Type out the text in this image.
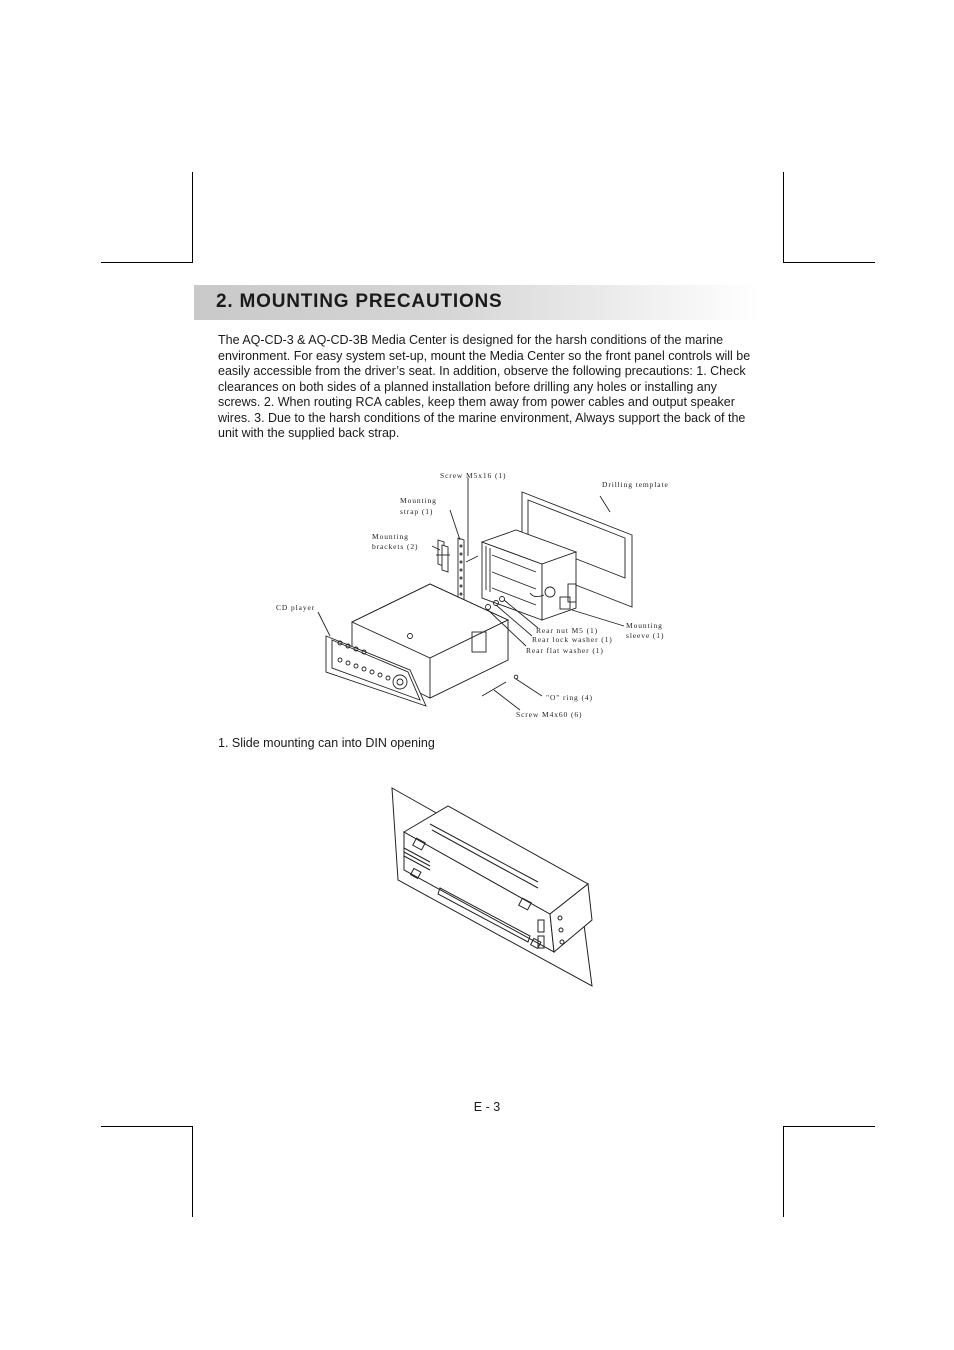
2. MOUNTING PRECAUTIONS

The AQ-CD-3 & AQ-CD-3B Media Center is designed for the harsh conditions of the marine environment. For easy system set-up, mount the Media Center so the front panel controls will be easily accessible from the driver’s seat. In addition, observe the following precautions: 1. Check clearances on both sides of a planned installation before drilling any holes or installing any screws. 2. When routing RCA cables, keep them away from power cables and output speaker wires. 3. Due to the harsh conditions of the marine environment, Always support the back of the unit with the supplied back strap.

Screw M5x16 (1)
Drilling template
Mounting
strap (1)
Mounting
brackets (2)
CD player
Rear nut M5 (1)
Rear lock washer (1)
Rear flat washer (1)
Mounting
sleeve (1)
"O" ring (4)
Screw M4x60 (6)

1. Slide mounting can into DIN opening

E - 3
